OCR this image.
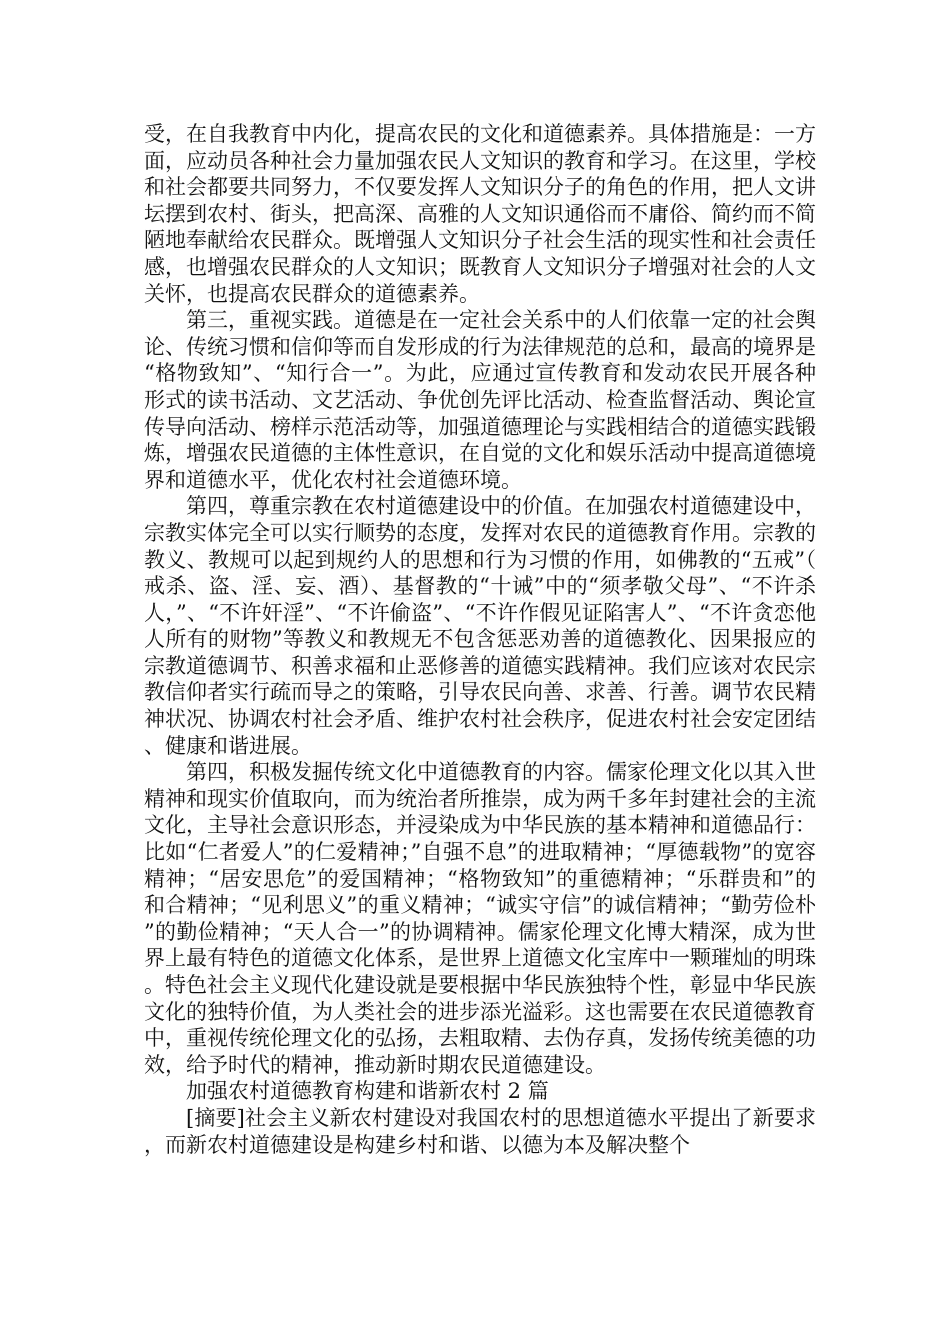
受，在自我教育中内化，提高农民的文化和道德素养。具体措施是：一方面，应动员各种社会力量加强农民人文知识的教育和学习。在这里，学校和社会都要共同努力，不仅要发挥人文知识分子的角色的作用，把人文讲坛摆到农村、街头，把高深、高雅的人文知识通俗而不庸俗、简约而不简陋地奉献给农民群众。既增强人文知识分子社会生活的现实性和社会责任感，也增强农民群众的人文知识；既教育人文知识分子增强对社会的人文关怀，也提高农民群众的道德素养。

第三，重视实践。道德是在一定社会关系中的人们依靠一定的社会舆论、传统习惯和信仰等而自发形成的行为法律规范的总和，最高的境界是“格物致知”、“知行合一”。为此，应通过宣传教育和发动农民开展各种形式的读书活动、文艺活动、争优创先评比活动、检查监督活动、舆论宣传导向活动、榜样示范活动等，加强道德理论与实践相结合的道德实践锻炼，增强农民道德的主体性意识，在自觉的文化和娱乐活动中提高道德境界和道德水平，优化农村社会道德环境。

第四，尊重宗教在农村道德建设中的价值。在加强农村道德建设中，宗教实体完全可以实行顺势的态度，发挥对农民的道德教育作用。宗教的教义、教规可以起到规约人的思想和行为习惯的作用，如佛教的“五戒”（戒杀、盗、淫、妄、酒）、基督教的“十诫”中的“须孝敬父母”、“不许杀人，”、“不许奸淫”、“不许偷盗”、“不许作假见证陷害人”、“不许贪恋他人所有的财物”等教义和教规无不包含惩恶劝善的道德教化、因果报应的宗教道德调节、积善求福和止恶修善的道德实践精神。我们应该对农民宗教信仰者实行疏而导之的策略，引导农民向善、求善、行善。调节农民精神状况、协调农村社会矛盾、维护农村社会秩序，促进农村社会安定团结、健康和谐进展。

第四，积极发掘传统文化中道德教育的内容。儒家伦理文化以其入世精神和现实价值取向，而为统治者所推崇，成为两千多年封建社会的主流文化，主导社会意识形态，并浸染成为中华民族的基本精神和道德品行：比如“仁者爱人”的仁爱精神；”自强不息”的进取精神；“厚德载物”的宽容精神；“居安思危”的爱国精神；“格物致知”的重德精神；“乐群贵和”的和合精神；“见利思义”的重义精神；“诚实守信”的诚信精神；“勤劳俭朴”的勤俭精神；“天人合一”的协调精神。儒家伦理文化博大精深，成为世界上最有特色的道德文化体系，是世界上道德文化宝库中一颗璀灿的明珠。特色社会主义现代化建设就是要根据中华民族独特个性，彰显中华民族文化的独特价值，为人类社会的进步添光溢彩。这也需要在农民道德教育中，重视传统伦理文化的弘扬，去粗取精、去伪存真，发扬传统美德的功效，给予时代的精神，推动新时期农民道德建设。

加强农村道德教育构建和谐新农村 2 篇

[摘要]社会主义新农村建设对我国农村的思想道德水平提出了新要求，而新农村道德建设是构建乡村和谐、以德为本及解决整个
